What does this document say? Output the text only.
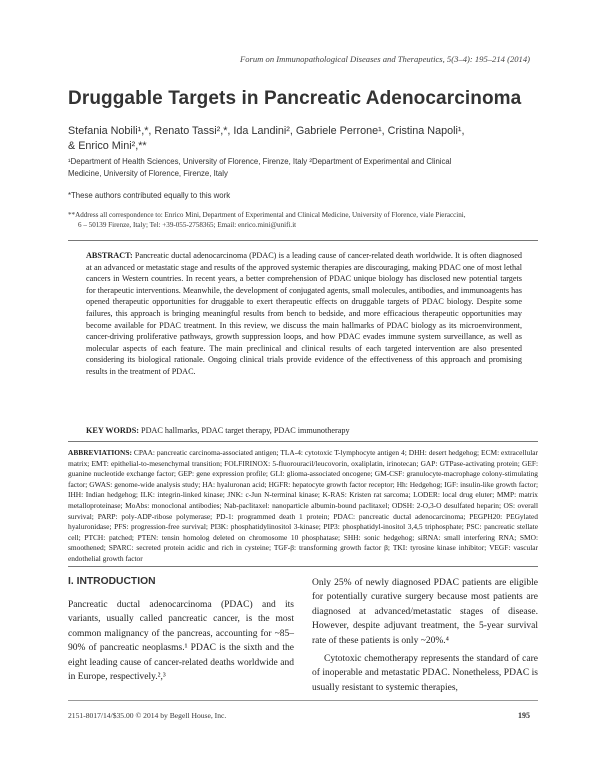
Forum on Immunopathological Diseases and Therapeutics, 5(3–4): 195–214 (2014)
Druggable Targets in Pancreatic Adenocarcinoma
Stefania Nobili¹,*, Renato Tassi²,*, Ida Landini², Gabriele Perrone¹, Cristina Napoli¹,
& Enrico Mini²,**
¹Department of Health Sciences, University of Florence, Firenze, Italy ²Department of Experimental and Clinical
Medicine, University of Florence, Firenze, Italy
*These authors contributed equally to this work
**Address all correspondence to: Enrico Mini, Department of Experimental and Clinical Medicine, University of Florence, viale Pieraccini,
6 – 50139 Firenze, Italy; Tel: +39-055-2758365; Email: enrico.mini@unifi.it
ABSTRACT: Pancreatic ductal adenocarcinoma (PDAC) is a leading cause of cancer-related death worldwide. It is often diagnosed at an advanced or metastatic stage and results of the approved systemic therapies are discouraging, making PDAC one of most lethal cancers in Western countries. In recent years, a better comprehension of PDAC unique biology has disclosed new potential targets for therapeutic interventions. Meanwhile, the development of conjugated agents, small molecules, antibodies, and immunoagents has opened therapeutic opportunities for druggable to exert therapeutic effects on druggable targets of PDAC biology. Despite some failures, this approach is bringing meaningful results from bench to bedside, and more efficacious therapeutic opportunities may become available for PDAC treatment. In this review, we discuss the main hallmarks of PDAC biology as its microenvironment, cancer-driving proliferative pathways, growth suppression loops, and how PDAC evades immune system surveillance, as well as molecular aspects of each feature. The main preclinical and clinical results of each targeted intervention are also presented considering its biological rationale. Ongoing clinical trials provide evidence of the effectiveness of this approach and promising results in the treatment of PDAC.
KEY WORDS: PDAC hallmarks, PDAC target therapy, PDAC immunotherapy
ABBREVIATIONS: CPAA: pancreatic carcinoma-associated antigen; TLA-4: cytotoxic T-lymphocyte antigen 4; DHH: desert hedgehog; ECM: extracellular matrix; EMT: epithelial-to-mesenchymal transition; FOLFIRINOX: 5-fluorouracil/leucovorin, oxaliplatin, irinotecan; GAP: GTPase-activating protein; GEF: guanine nucleotide exchange factor; GEP: gene expression profile; GLI: glioma-associated oncogene; GM-CSF: granulocyte-macrophage colony-stimulating factor; GWAS: genome-wide analysis study; HA: hyaluronan acid; HGFR: hepatocyte growth factor receptor; Hh: Hedgehog; IGF: insulin-like growth factor; IHH: Indian hedgehog; ILK: integrin-linked kinase; JNK: c-Jun N-terminal kinase; K-RAS: Kristen rat sarcoma; LODER: local drug eluter; MMP: matrix metalloproteinase; MoAbs: monoclonal antibodies; Nab-paclitaxel: nanoparticle albumin-bound paclitaxel; ODSH: 2-O,3-O desulfated heparin; OS: overall survival; PARP: poly-ADP-ribose polymerase; PD-1: programmed death 1 protein; PDAC: pancreatic ductal adenocarcinoma; PEGPH20: PEGylated hyaluronidase; PFS: progression-free survival; PI3K: phosphatidylinositol 3-kinase; PIP3: phosphatidyl-inositol 3,4,5 triphosphate; PSC: pancreatic stellate cell; PTCH: patched; PTEN: tensin homolog deleted on chromosome 10 phosphatase; SHH: sonic hedgehog; siRNA: small interfering RNA; SMO: smoothened; SPARC: secreted protein acidic and rich in cysteine; TGF-β: transforming growth factor β; TKI: tyrosine kinase inhibitor; VEGF: vascular endothelial growth factor
I. INTRODUCTION

Pancreatic ductal adenocarcinoma (PDAC) and its variants, usually called pancreatic cancer, is the most common malignancy of the pancreas, accounting for ~85–90% of pancreatic neoplasms.¹ PDAC is the sixth and the eight leading cause of cancer-related deaths worldwide and in Europe, respectively.²,³

Only 25% of newly diagnosed PDAC patients are eligible for potentially curative surgery because most patients are diagnosed at advanced/metastatic stages of disease. However, despite adjuvant treatment, the 5-year survival rate of these patients is only ~20%.⁴

Cytotoxic chemotherapy represents the standard of care of inoperable and metastatic PDAC. Nonetheless, PDAC is usually resistant to systemic therapies,

2151-8017/14/$35.00 © 2014 by Begell House, Inc.	195
